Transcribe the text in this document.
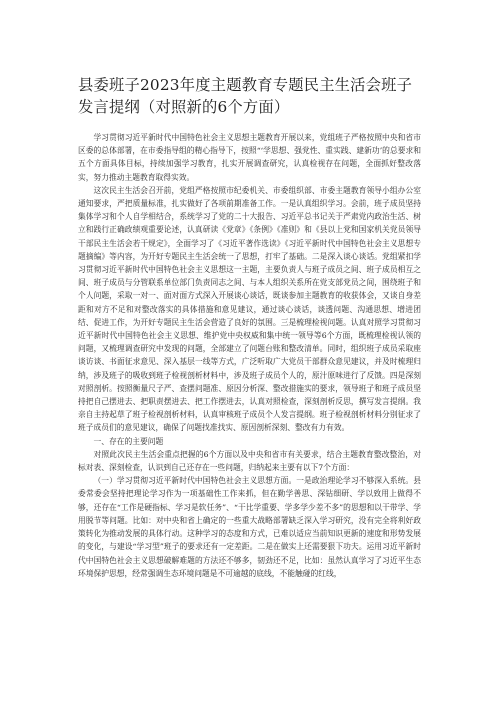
县委班子2023年度主题教育专题民主生活会班子发言提纲（对照新的6个方面）

学习贯彻习近平新时代中国特色社会主义思想主题教育开展以来，党组班子严格按照中央和省市区委的总体部署，在市委指导组的精心指导下，按照“‘学思想、强党性、重实践、建新功’的总要求和五个方面具体目标，持续加强学习教育，扎实开展调查研究，认真检视存在问题，全面抓好整改落实，努力推动主题教育取得实效。

这次民主生活会召开前，党组严格按照市纪委机关、市委组织部、市委主题教育领导小组办公室通知要求，严把质量标准，扎实做好了各项前期准备工作。一是认真组织学习。会前，班子成员坚持集体学习和个人自学相结合，系统学习了党的二十大报告、习近平总书记关于严肃党内政治生活、树立和践行正确政绩观重要论述，认真研读《党章》《条例》《准则》和《县以上党和国家机关党员领导干部民主生活会若干规定》，全面学习了《习近平著作选读》《习近平新时代中国特色社会主义思想专题摘编》等内容，为开好专题民主生活会统一了思想，打牢了基础。二是深入谈心谈话。党组紧扣学习贯彻习近平新时代中国特色社会主义思想这一主题，主要负责人与班子成员之间、班子成员相互之间、班子成员与分管联系单位部门负责同志之间、与本人组织关系所在党支部党员之间，围绕班子和个人问题，采取一对一、面对面方式深入开展谈心谈话，既谈参加主题教育的收获体会，又谈自身差距和对方不足和对整改落实的具体措施和意见建议，通过谈心谈话，谈透问题、沟通思想、增进团结、促进工作，为开好专题民主生活会营造了良好的氛围。三是梳理检视问题。认真对照学习贯彻习近平新时代中国特色社会主义思想、维护党中央权威和集中统一领导等6个方面，既梳理检视认领的问题，又梳理调查研究中发现的问题，全部建立了问题台账和整改清单。同时，组织班子成员采取座谈访谈、书面征求意见、深入基层一线等方式，广泛听取广大党员干部群众意见建议，并及时梳理归纳，涉及班子的吸收到班子检视剖析材料中，涉及班子成员个人的，原汁原味进行了反馈。四是深刻对照剖析。按照衡量尺子严、查摆问题准、原因分析深、整改措施实的要求，领导班子和班子成员坚持把自己摆进去、把职责摆进去、把工作摆进去，认真对照检查，深刻剖析反思，撰写发言提纲。我亲自主持起草了班子检视剖析材料，认真审核班子成员个人发言提纲。班子检视剖析材料分别征求了班子成员们的意见建议，确保了问题找准找实、原因剖析深刻、整改有力有效。

一、存在的主要问题

对照此次民主生活会重点把握的6个方面以及中央和省市有关要求，结合主题教育整改整治，对标对表、深刻检查，认识到自己还存在一些问题，归纳起来主要有以下7个方面：

（一）学习贯彻习近平新时代中国特色社会主义思想方面。一是政治理论学习不够深入系统。县委常委会坚持把理论学习作为一项基础性工作来抓，但在勤学善思、深钻细研、学以致用上做得不够，还存在“工作是硬指标、学习是软任务”、“干比学重要、学多学少差不多”的思想和以干带学、学用脱节等问题。比如：对中央和省上确定的一些重大战略部署缺乏深入学习研究，没有完全将利好政策转化为推动发展的具体行动。这种学习的态度和方式，已难以适应当前知识更新的速度和形势发展的变化，与建设“学习型”班子的要求还有一定差距。二是在做实上还需要狠下功夫。运用习近平新时代中国特色社会主义思想破解难题的方法还不够多，韧劲还不足，比如：虽然认真学习了习近平生态环境保护思想，经常强调生态环境问题是不可逾越的底线，不能触碰的红线，
